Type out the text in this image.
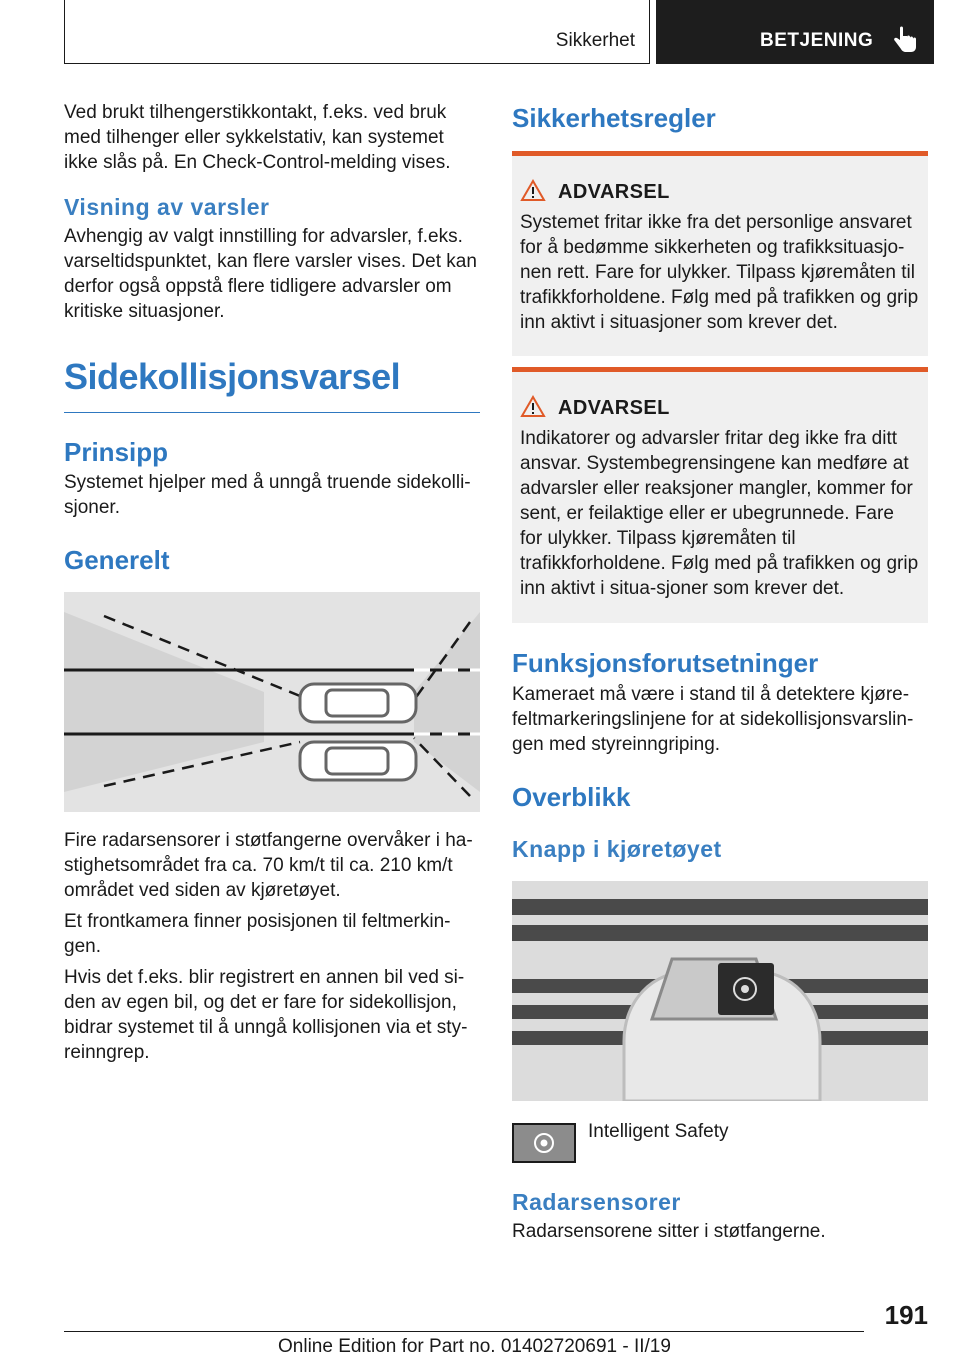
Sikkerhet	BETJENING

Ved brukt tilhengerstikkontakt, f.eks. ved bruk med tilhenger eller sykkelstativ, kan systemet ikke slås på. En Check-Control-melding vises.

Visning av varsler

Avhengig av valgt innstilling for advarsler, f.eks. varseltidspunktet, kan flere varsler vises. Det kan derfor også oppstå flere tidligere advarsler om kritiske situasjoner.

Sidekollisjonsvarsel
Prinsipp

Systemet hjelper med å unngå truende sidekolli-sjoner.

Generelt

Fire radarsensorer i støtfangerne overvåker i ha-stighetsområdet fra ca. 70 km/t til ca. 210 km/t området ved siden av kjøretøyet.

Et frontkamera finner posisjonen til feltmerkin-gen.

Hvis det f.eks. blir registrert en annen bil ved si-den av egen bil, og det er fare for sidekollisjon, bidrar systemet til å unngå kollisjonen via et sty-reinngrep.

Sikkerhetsregler
ADVARSEL

Systemet fritar ikke fra det personlige ansvaret for å bedømme sikkerheten og trafikksituasjo-nen rett. Fare for ulykker. Tilpass kjøremåten til trafikkforholdene. Følg med på trafikken og grip inn aktivt i situasjoner som krever det.

ADVARSEL

Indikatorer og advarsler fritar deg ikke fra ditt ansvar. Systembegrensingene kan medføre at advarsler eller reaksjoner mangler, kommer for sent, er feilaktige eller er ubegrunnede. Fare for ulykker. Tilpass kjøremåten til trafikkforholdene. Følg med på trafikken og grip inn aktivt i situa-sjoner som krever det.

Funksjonsforutsetninger

Kameraet må være i stand til å detektere kjøre-feltmarkeringslinjene for at sidekollisjonsvarslin-gen med styreinngriping.

Overblikk
Knapp i kjøretøyet
Intelligent Safety
Radarsensorer

Radarsensorene sitter i støtfangerne.

191
Online Edition for Part no. 01402720691 - II/19
